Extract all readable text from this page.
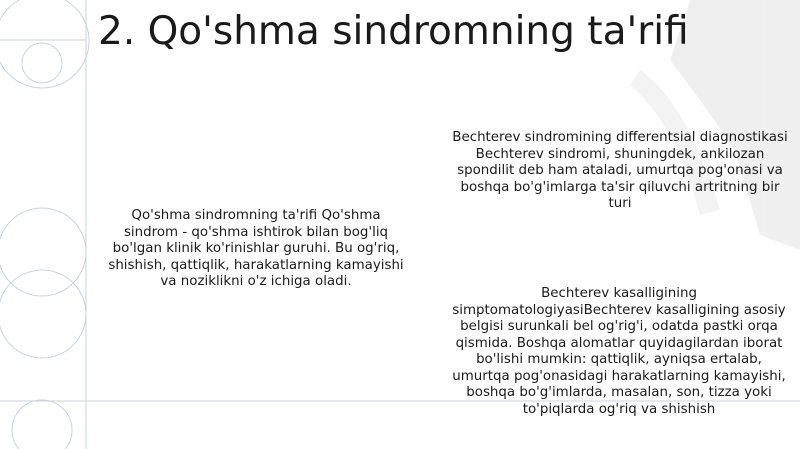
2. Qo'shma sindromning ta'rifi

Qo'shma sindromning ta'rifi Qo'shma sindrom - qo'shma ishtirok bilan bog'liq bo'lgan klinik ko'rinishlar guruhi. Bu og'riq, shishish, qattiqlik, harakatlarning kamayishi va noziklikni o'z ichiga oladi.

Bechterev sindromining differentsial diagnostikasi Bechterev sindromi, shuningdek, ankilozan spondilit deb ham ataladi, umurtqa pog'onasi va boshqa bo'g'imlarga ta'sir qiluvchi artritning bir turi

Bechterev kasalligining simptomatologiyasiBechterev kasalligining asosiy belgisi surunkali bel og'rig'i, odatda pastki orqa qismida. Boshqa alomatlar quyidagilardan iborat bo'lishi mumkin: qattiqlik, ayniqsa ertalab, umurtqa pog'onasidagi harakatlarning kamayishi, boshqa bo'g'imlarda, masalan, son, tizza yoki to'piqlarda og'riq va shishish
